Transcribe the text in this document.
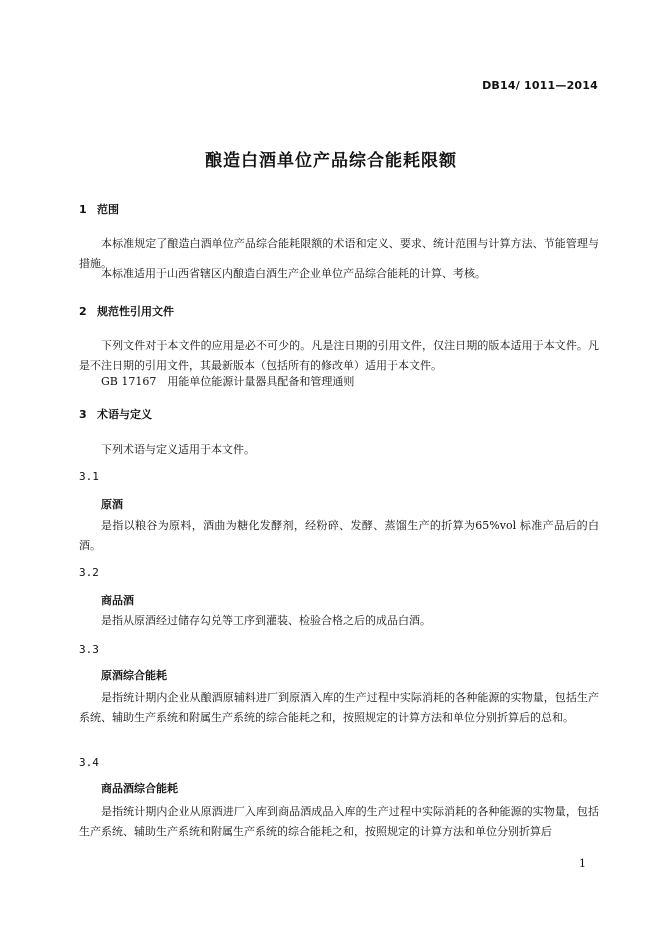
DB14/ 1011—2014
酿造白酒单位产品综合能耗限额
1 范围
本标准规定了酿造白酒单位产品综合能耗限额的术语和定义、要求、统计范围与计算方法、节能管理与措施。
本标准适用于山西省辖区内酿造白酒生产企业单位产品综合能耗的计算、考核。
2 规范性引用文件
下列文件对于本文件的应用是必不可少的。凡是注日期的引用文件，仅注日期的版本适用于本文件。凡是不注日期的引用文件，其最新版本（包括所有的修改单）适用于本文件。
GB 17167　用能单位能源计量器具配备和管理通则
3 术语与定义
下列术语与定义适用于本文件。
3.1
原酒
是指以粮谷为原料，酒曲为糖化发酵剂，经粉碎、发酵、蒸馏生产的折算为65%vol 标准产品后的白酒。
3.2
商品酒
是指从原酒经过储存勾兑等工序到灌装、检验合格之后的成品白酒。
3.3
原酒综合能耗
是指统计期内企业从酿酒原辅料进厂到原酒入库的生产过程中实际消耗的各种能源的实物量，包括生产系统、辅助生产系统和附属生产系统的综合能耗之和，按照规定的计算方法和单位分别折算后的总和。
3.4
商品酒综合能耗
是指统计期内企业从原酒进厂入库到商品酒成品入库的生产过程中实际消耗的各种能源的实物量，包括生产系统、辅助生产系统和附属生产系统的综合能耗之和，按照规定的计算方法和单位分别折算后
1
